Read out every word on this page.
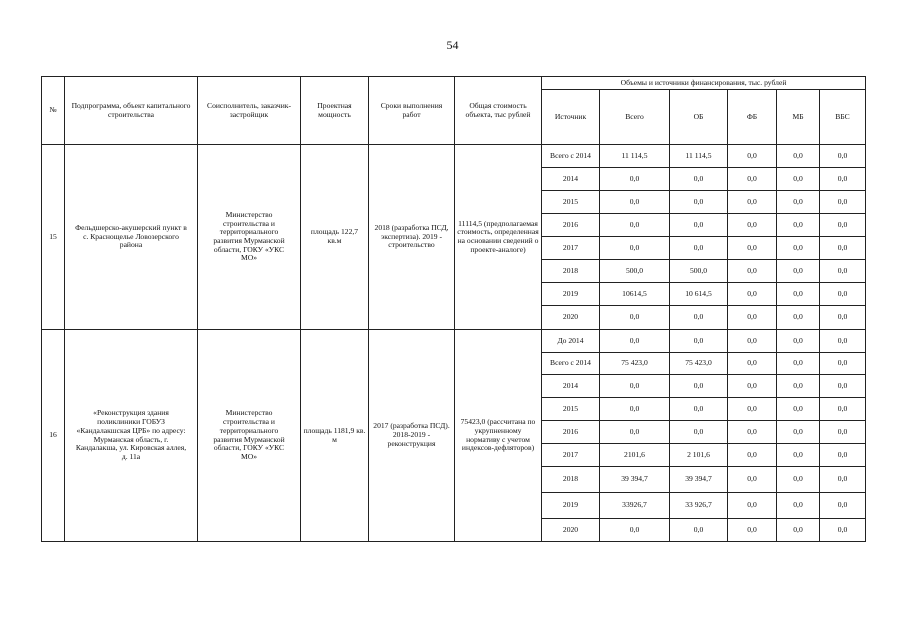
54
№	Подпрограмма, объект капитального строительства	Соисполнитель, заказчик-застройщик	Проектная мощность	Сроки выполнения работ	Общая стоимость объекта, тыс рублей	Объемы и источники финансирования, тыс. рублей					
						Источник	Всего	ОБ	ФБ	МБ	ВБС
15	Фельдшерско-акушерский пункт в с. Краснощелье Ловозерского района	Министерство строительства и территориального развития Мурманской области, ГОКУ «УКС МО»	площадь 122,7 кв.м	2018 (разработка ПСД, экспертиза). 2019 - строительство	11114,5 (предполагаемая стоимость, определенная на основании сведений о проекте-аналоге)	Всего с 2014	11 114,5	11 114,5	0,0	0,0	0,0
						2014	0,0	0,0	0,0	0,0	0,0
						2015	0,0	0,0	0,0	0,0	0,0
						2016	0,0	0,0	0,0	0,0	0,0
						2017	0,0	0,0	0,0	0,0	0,0
						2018	500,0	500,0	0,0	0,0	0,0
						2019	10614,5	10 614,5	0,0	0,0	0,0
						2020	0,0	0,0	0,0	0,0	0,0
16	«Реконструкция здания поликлиники ГОБУЗ «Кандалакшская ЦРБ» по адресу: Мурманская область, г. Кандалакша, ул. Кировская аллея, д. 11а	Министерство строительства и территориального развития Мурманской области, ГОКУ «УКС МО»	площадь 1181,9 кв. м	2017 (разработка ПСД). 2018-2019 - реконструкция	75423,0 (рассчитана по укрупненному нормативу с учетом индексов-дефляторов)	До 2014	0,0	0,0	0,0	0,0	0,0
						Всего с 2014	75 423,0	75 423,0	0,0	0,0	0,0
						2014	0,0	0,0	0,0	0,0	0,0
						2015	0,0	0,0	0,0	0,0	0,0
						2016	0,0	0,0	0,0	0,0	0,0
						2017	2101,6	2 101,6	0,0	0,0	0,0
						2018	39 394,7	39 394,7	0,0	0,0	0,0
						2019	33926,7	33 926,7	0,0	0,0	0,0
						2020	0,0	0,0	0,0	0,0	0,0
